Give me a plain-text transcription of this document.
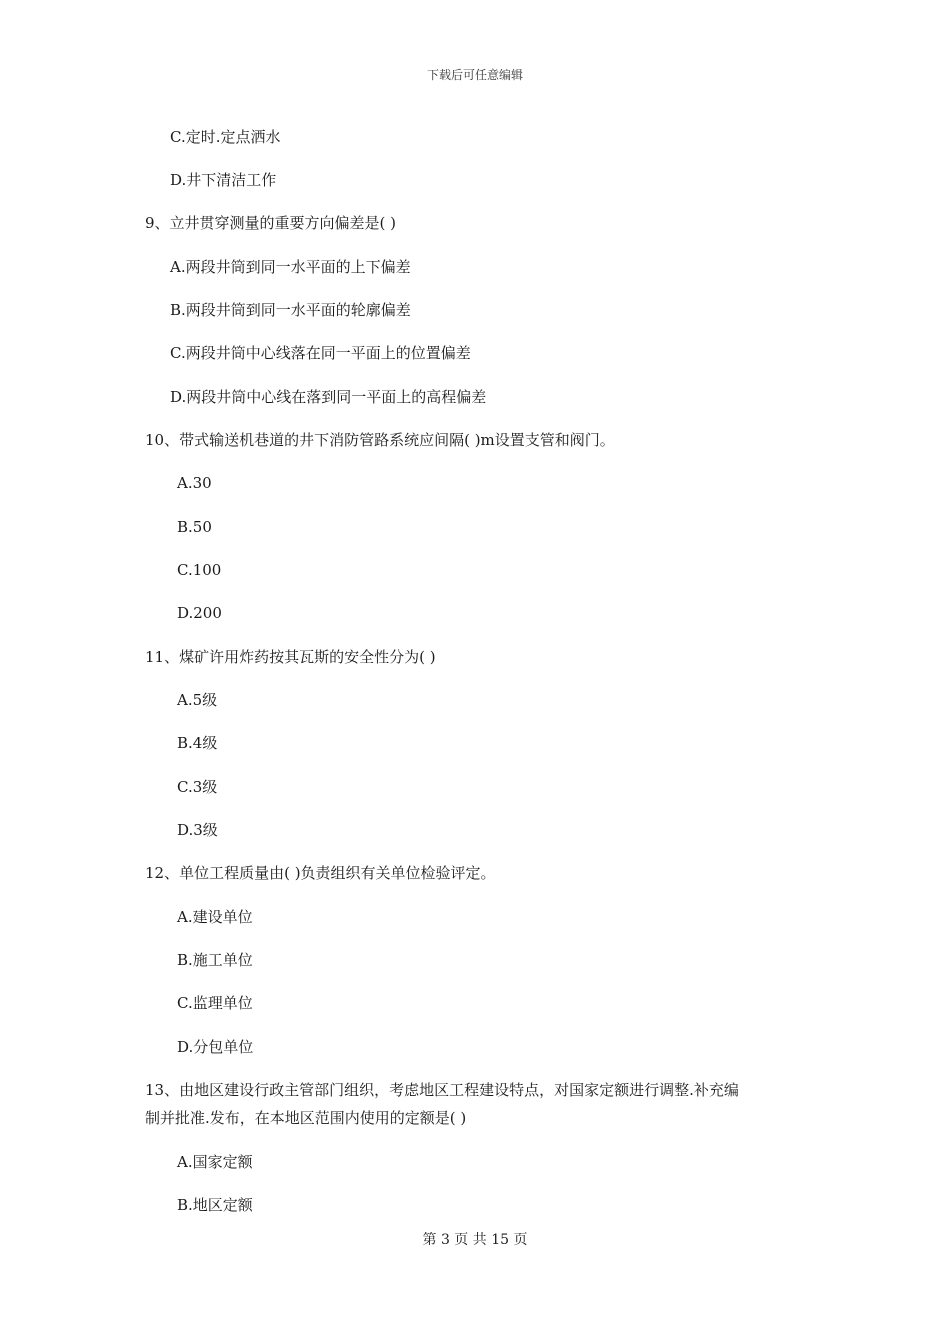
下载后可任意编辑
C.定时.定点洒水
D.井下清洁工作
9、立井贯穿测量的重要方向偏差是( )
A.两段井筒到同一水平面的上下偏差
B.两段井筒到同一水平面的轮廓偏差
C.两段井筒中心线落在同一平面上的位置偏差
D.两段井筒中心线在落到同一平面上的高程偏差
10、带式输送机巷道的井下消防管路系统应间隔( )m设置支管和阀门。
A.30
B.50
C.100
D.200
11、煤矿许用炸药按其瓦斯的安全性分为( )
A.5级
B.4级
C.3级
D.3级
12、单位工程质量由( )负责组织有关单位检验评定。
A.建设单位
B.施工单位
C.监理单位
D.分包单位
13、由地区建设行政主管部门组织，考虑地区工程建设特点，对国家定额进行调整.补充编
制并批准.发布，在本地区范围内使用的定额是( )
A.国家定额
B.地区定额
第 3 页 共 15 页
